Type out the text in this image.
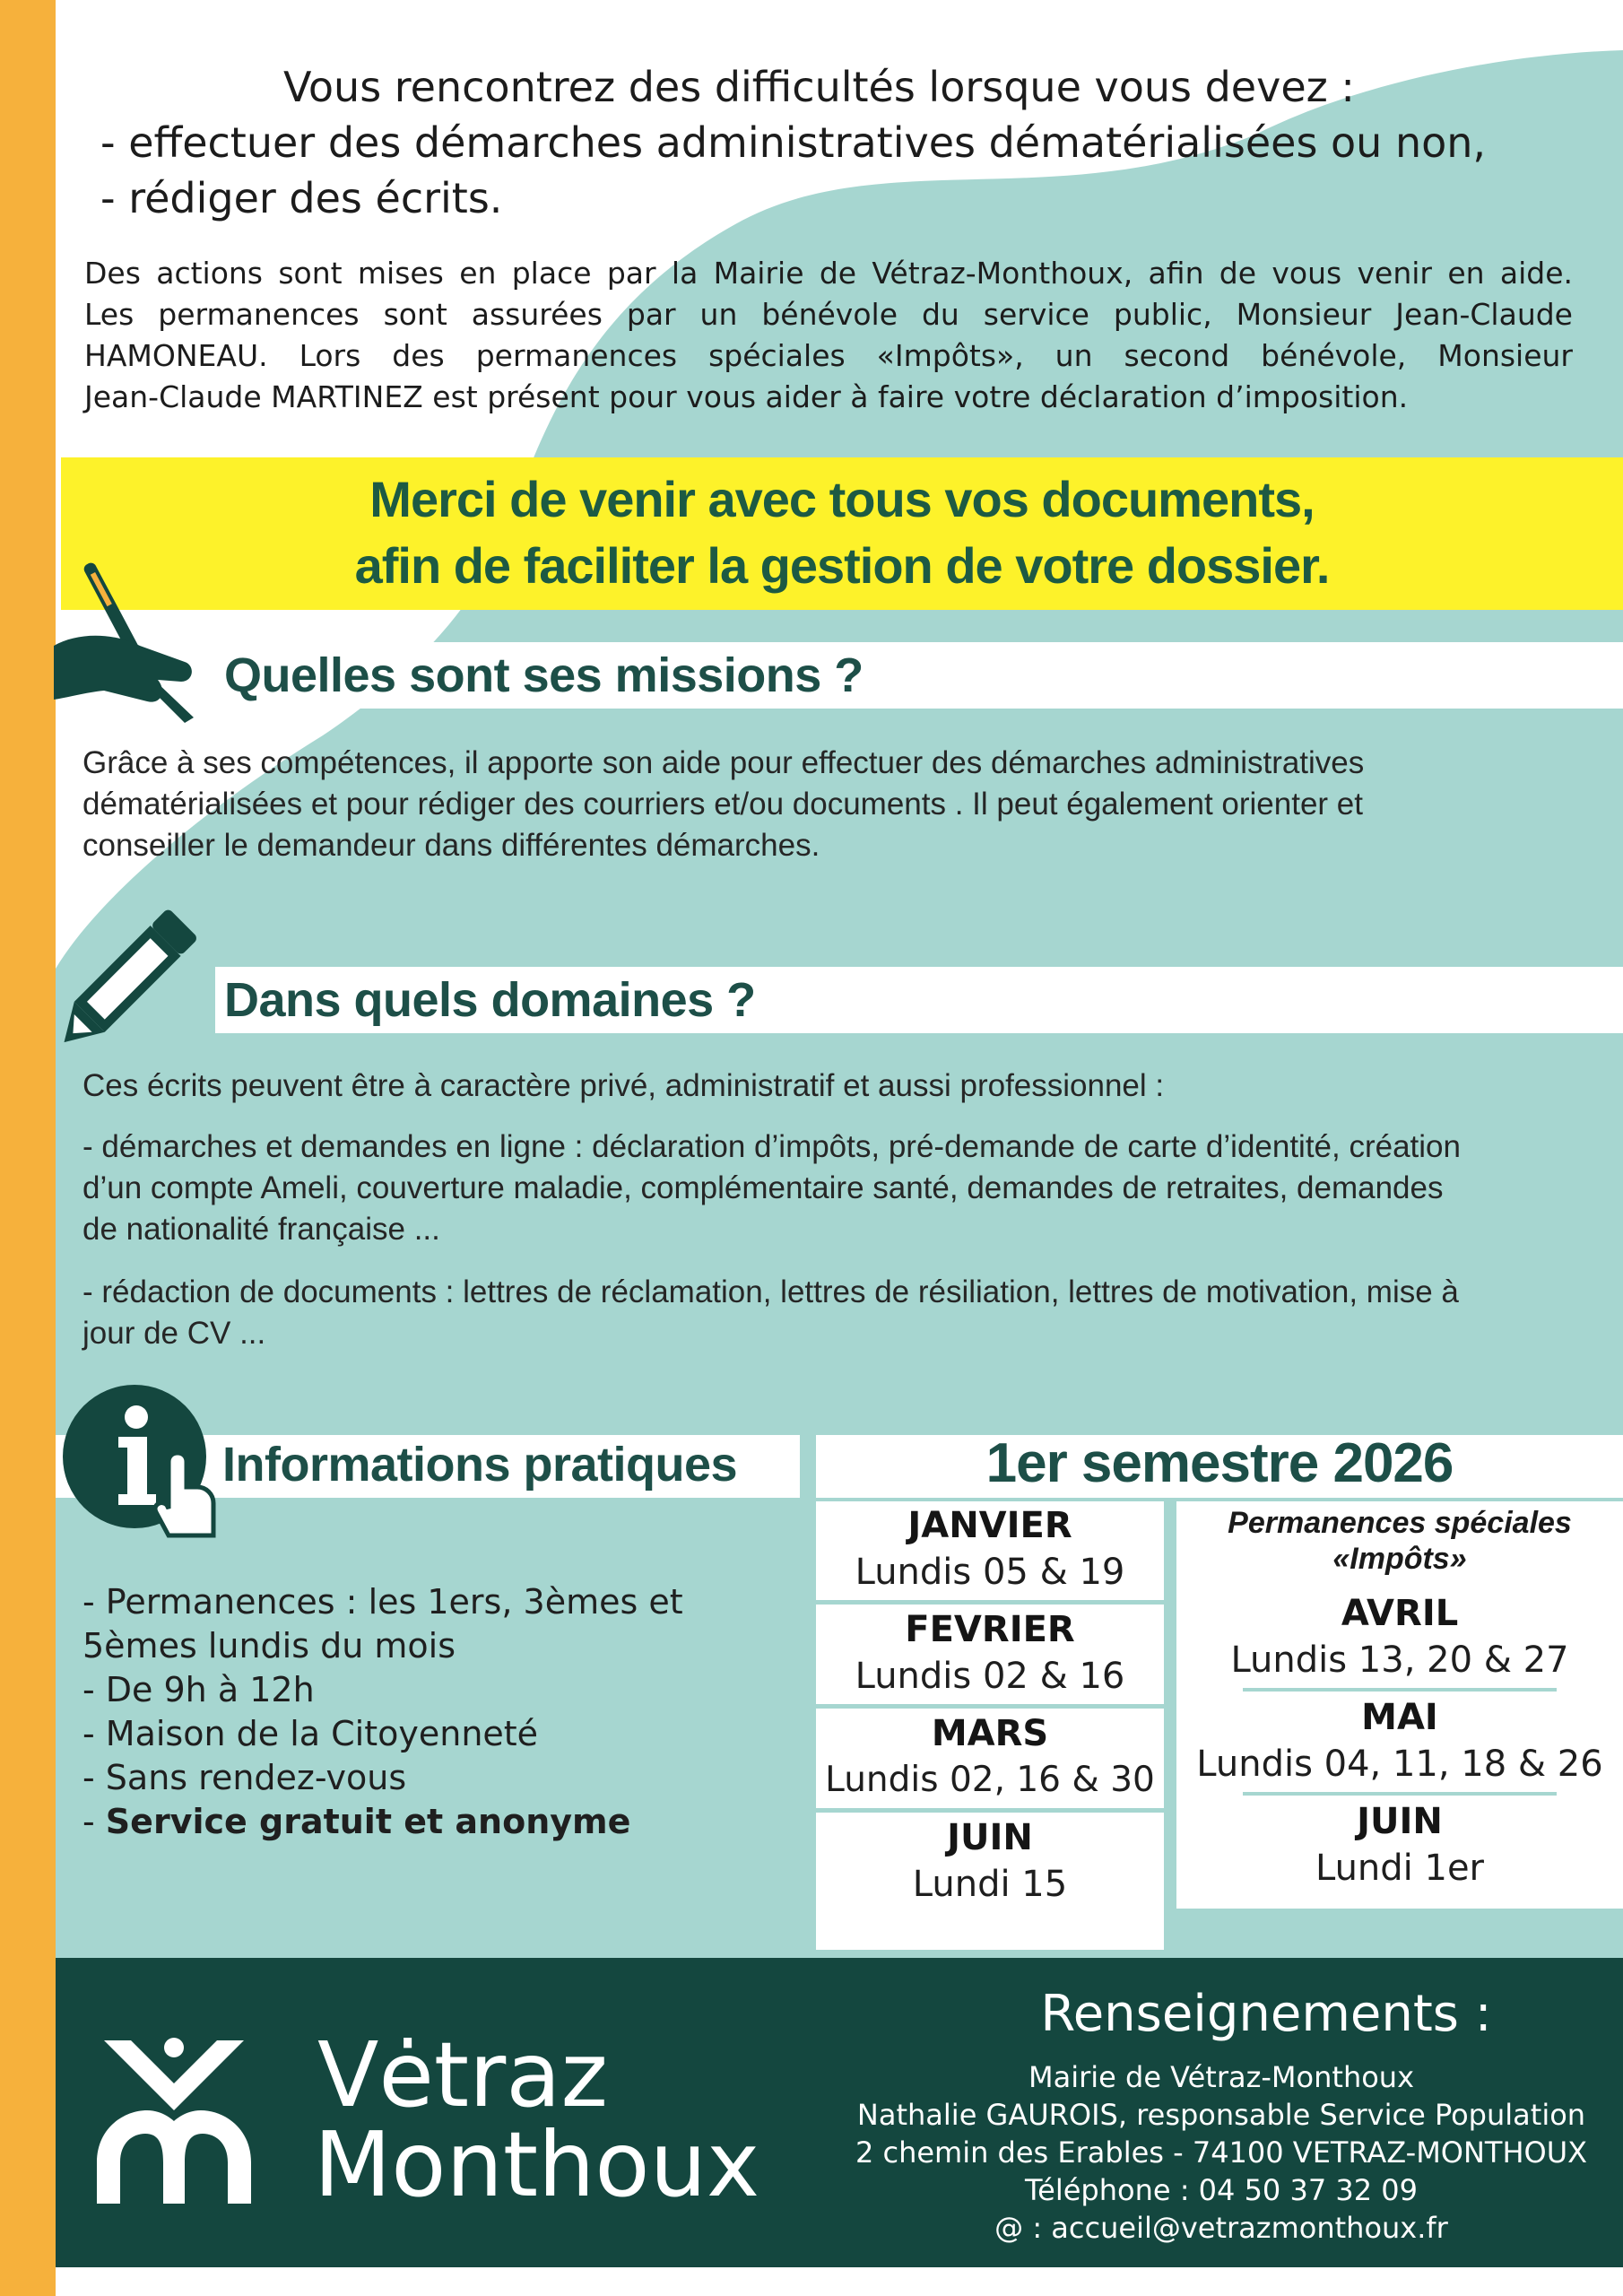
Vous rencontrez des difficultés lorsque vous devez :
- effectuer des démarches administratives dématérialisées ou non,
- rédiger des écrits.
Des actions sont mises en place par la Mairie de Vétraz-Monthoux, afin de vous venir en aide.
Les permanences sont assurées par un bénévole du service public, Monsieur Jean-Claude
HAMONEAU. Lors des permanences spéciales «Impôts», un second bénévole, Monsieur
Jean-Claude MARTINEZ est présent pour vous aider à faire votre déclaration d’imposition.
Merci de venir avec tous vos documents,
afin de faciliter la gestion de votre dossier.
Quelles sont ses missions ?
Grâce à ses compétences, il apporte son aide pour effectuer des démarches administratives
dématérialisées et pour rédiger des courriers et/ou documents . Il peut également orienter et
conseiller le demandeur dans différentes démarches.
Dans quels domaines ?
Ces écrits peuvent être à caractère privé, administratif et aussi professionnel :
- démarches et demandes en ligne : déclaration d’impôts, pré-demande de carte d’identité, création
d’un compte Ameli, couverture maladie, complémentaire santé, demandes de retraites, demandes
de nationalité française ...
- rédaction de documents : lettres de réclamation, lettres de résiliation, lettres de motivation, mise à
jour de CV ...
Informations pratiques
- Permanences : les 1ers, 3èmes et
5èmes lundis du mois
- De 9h à 12h
- Maison de la Citoyenneté
- Sans rendez-vous
- Service gratuit et anonyme
1er semestre 2026
JANVIER
Lundis 05 & 19
FEVRIER
Lundis 02 & 16
MARS
Lundis 02, 16 & 30
JUIN
Lundi 15
Permanences spéciales
«Impôts»
AVRIL
Lundis 13, 20 & 27
MAI
Lundis 04, 11, 18 & 26
JUIN
Lundi 1er
Vėtraz
Monthoux
Renseignements :
Mairie de Vétraz-Monthoux
Nathalie GAUROIS, responsable Service Population
2 chemin des Erables - 74100 VETRAZ-MONTHOUX
Téléphone : 04 50 37 32 09
@ : accueil@vetrazmonthoux.fr
